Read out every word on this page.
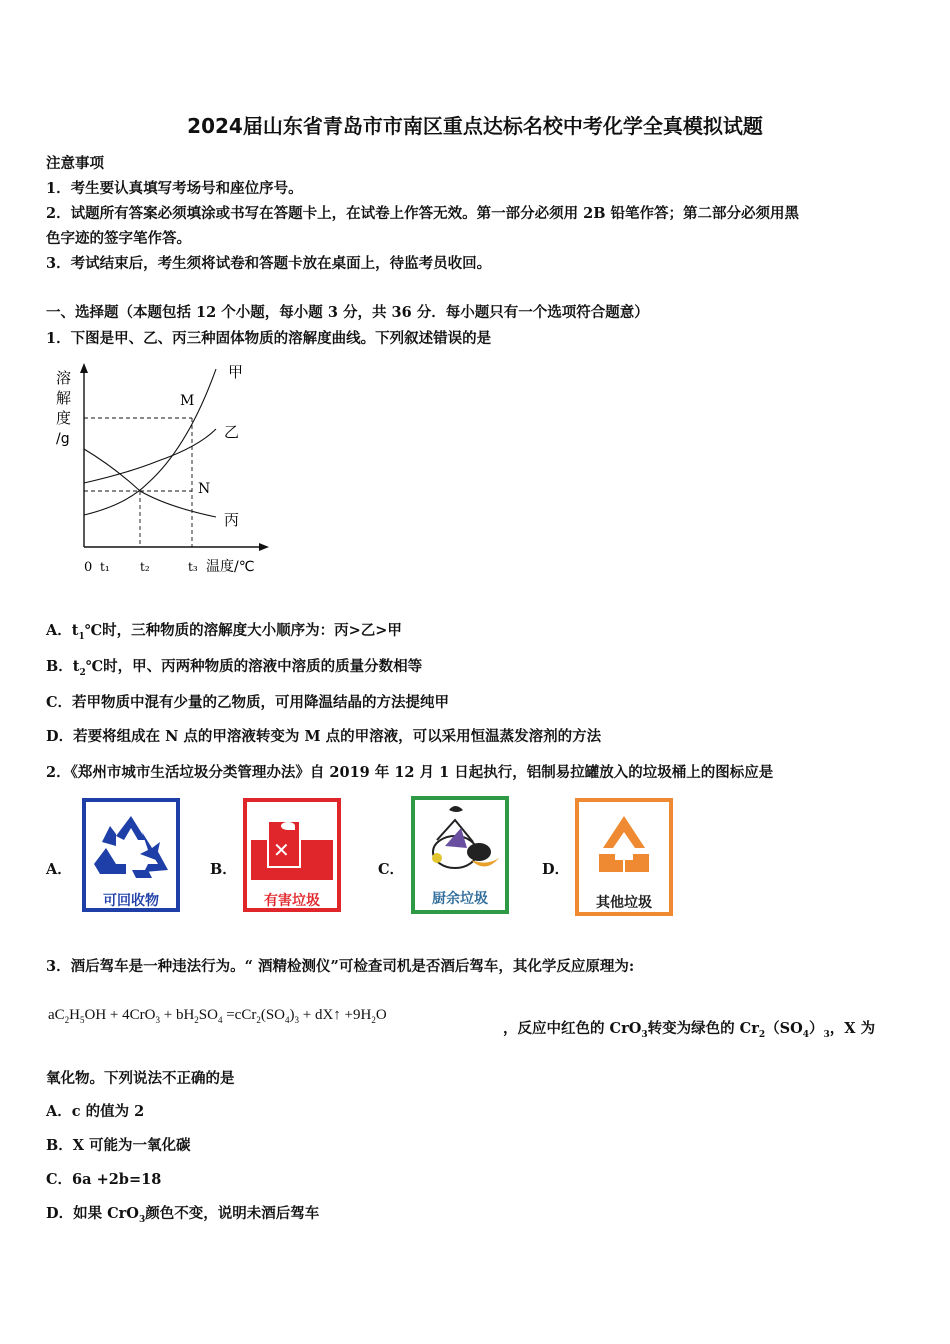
2024届山东省青岛市市南区重点达标名校中考化学全真模拟试题
注意事项
1．考生要认真填写考场号和座位序号。
2．试题所有答案必须填涂或书写在答题卡上，在试卷上作答无效。第一部分必须用 2B 铅笔作答；第二部分必须用黑
色字迹的签字笔作答。
3．考试结束后，考生须将试卷和答题卡放在桌面上，待监考员收回。
一、选择题（本题包括 12 个小题，每小题 3 分，共 36 分．每小题只有一个选项符合题意）
1．下图是甲、乙、丙三种固体物质的溶解度曲线。下列叙述错误的是
溶
解
度
/g
0 t₁	t₂	t₃ 温度/℃
M
N
甲
乙
丙
A．$t_1℃$时，三种物质的溶解度大小顺序为：丙>乙>甲
B．$t_2℃$时，甲、丙两种物质的溶液中溶质的质量分数相等
C．若甲物质中混有少量的乙物质，可用降温结晶的方法提纯甲
D．若要将组成在 N 点的甲溶液转变为 M 点的甲溶液，可以采用恒温蒸发溶剂的方法
2．《郑州市城市生活垃圾分类管理办法》自 2019 年 12 月 1 日起执行，铝制易拉罐放入的垃圾桶上的图标应是
A．	B．	C．	D．
可回收物
✕
有害垃圾	厨余垃圾	其他垃圾
3．酒后驾车是一种违法行为。“ 酒精检测仪”可检查司机是否酒后驾车，其化学反应原理为:
$aC_2H_5OH + 4CrO_3 + bH_2SO_4 =cCr_2(SO_4)_3$ + dX↑ $+9H_2O$
，反应中红色的 CrO$_3$转变为绿色的 $Cr_2(SO_4)_3$，X 为
氧化物。下列说法不正确的是
A．c 的值为 2
B．X 可能为一氧化碳
C．6a +2b=18
D．如果 CrO$_3$颜色不变，说明未酒后驾车
